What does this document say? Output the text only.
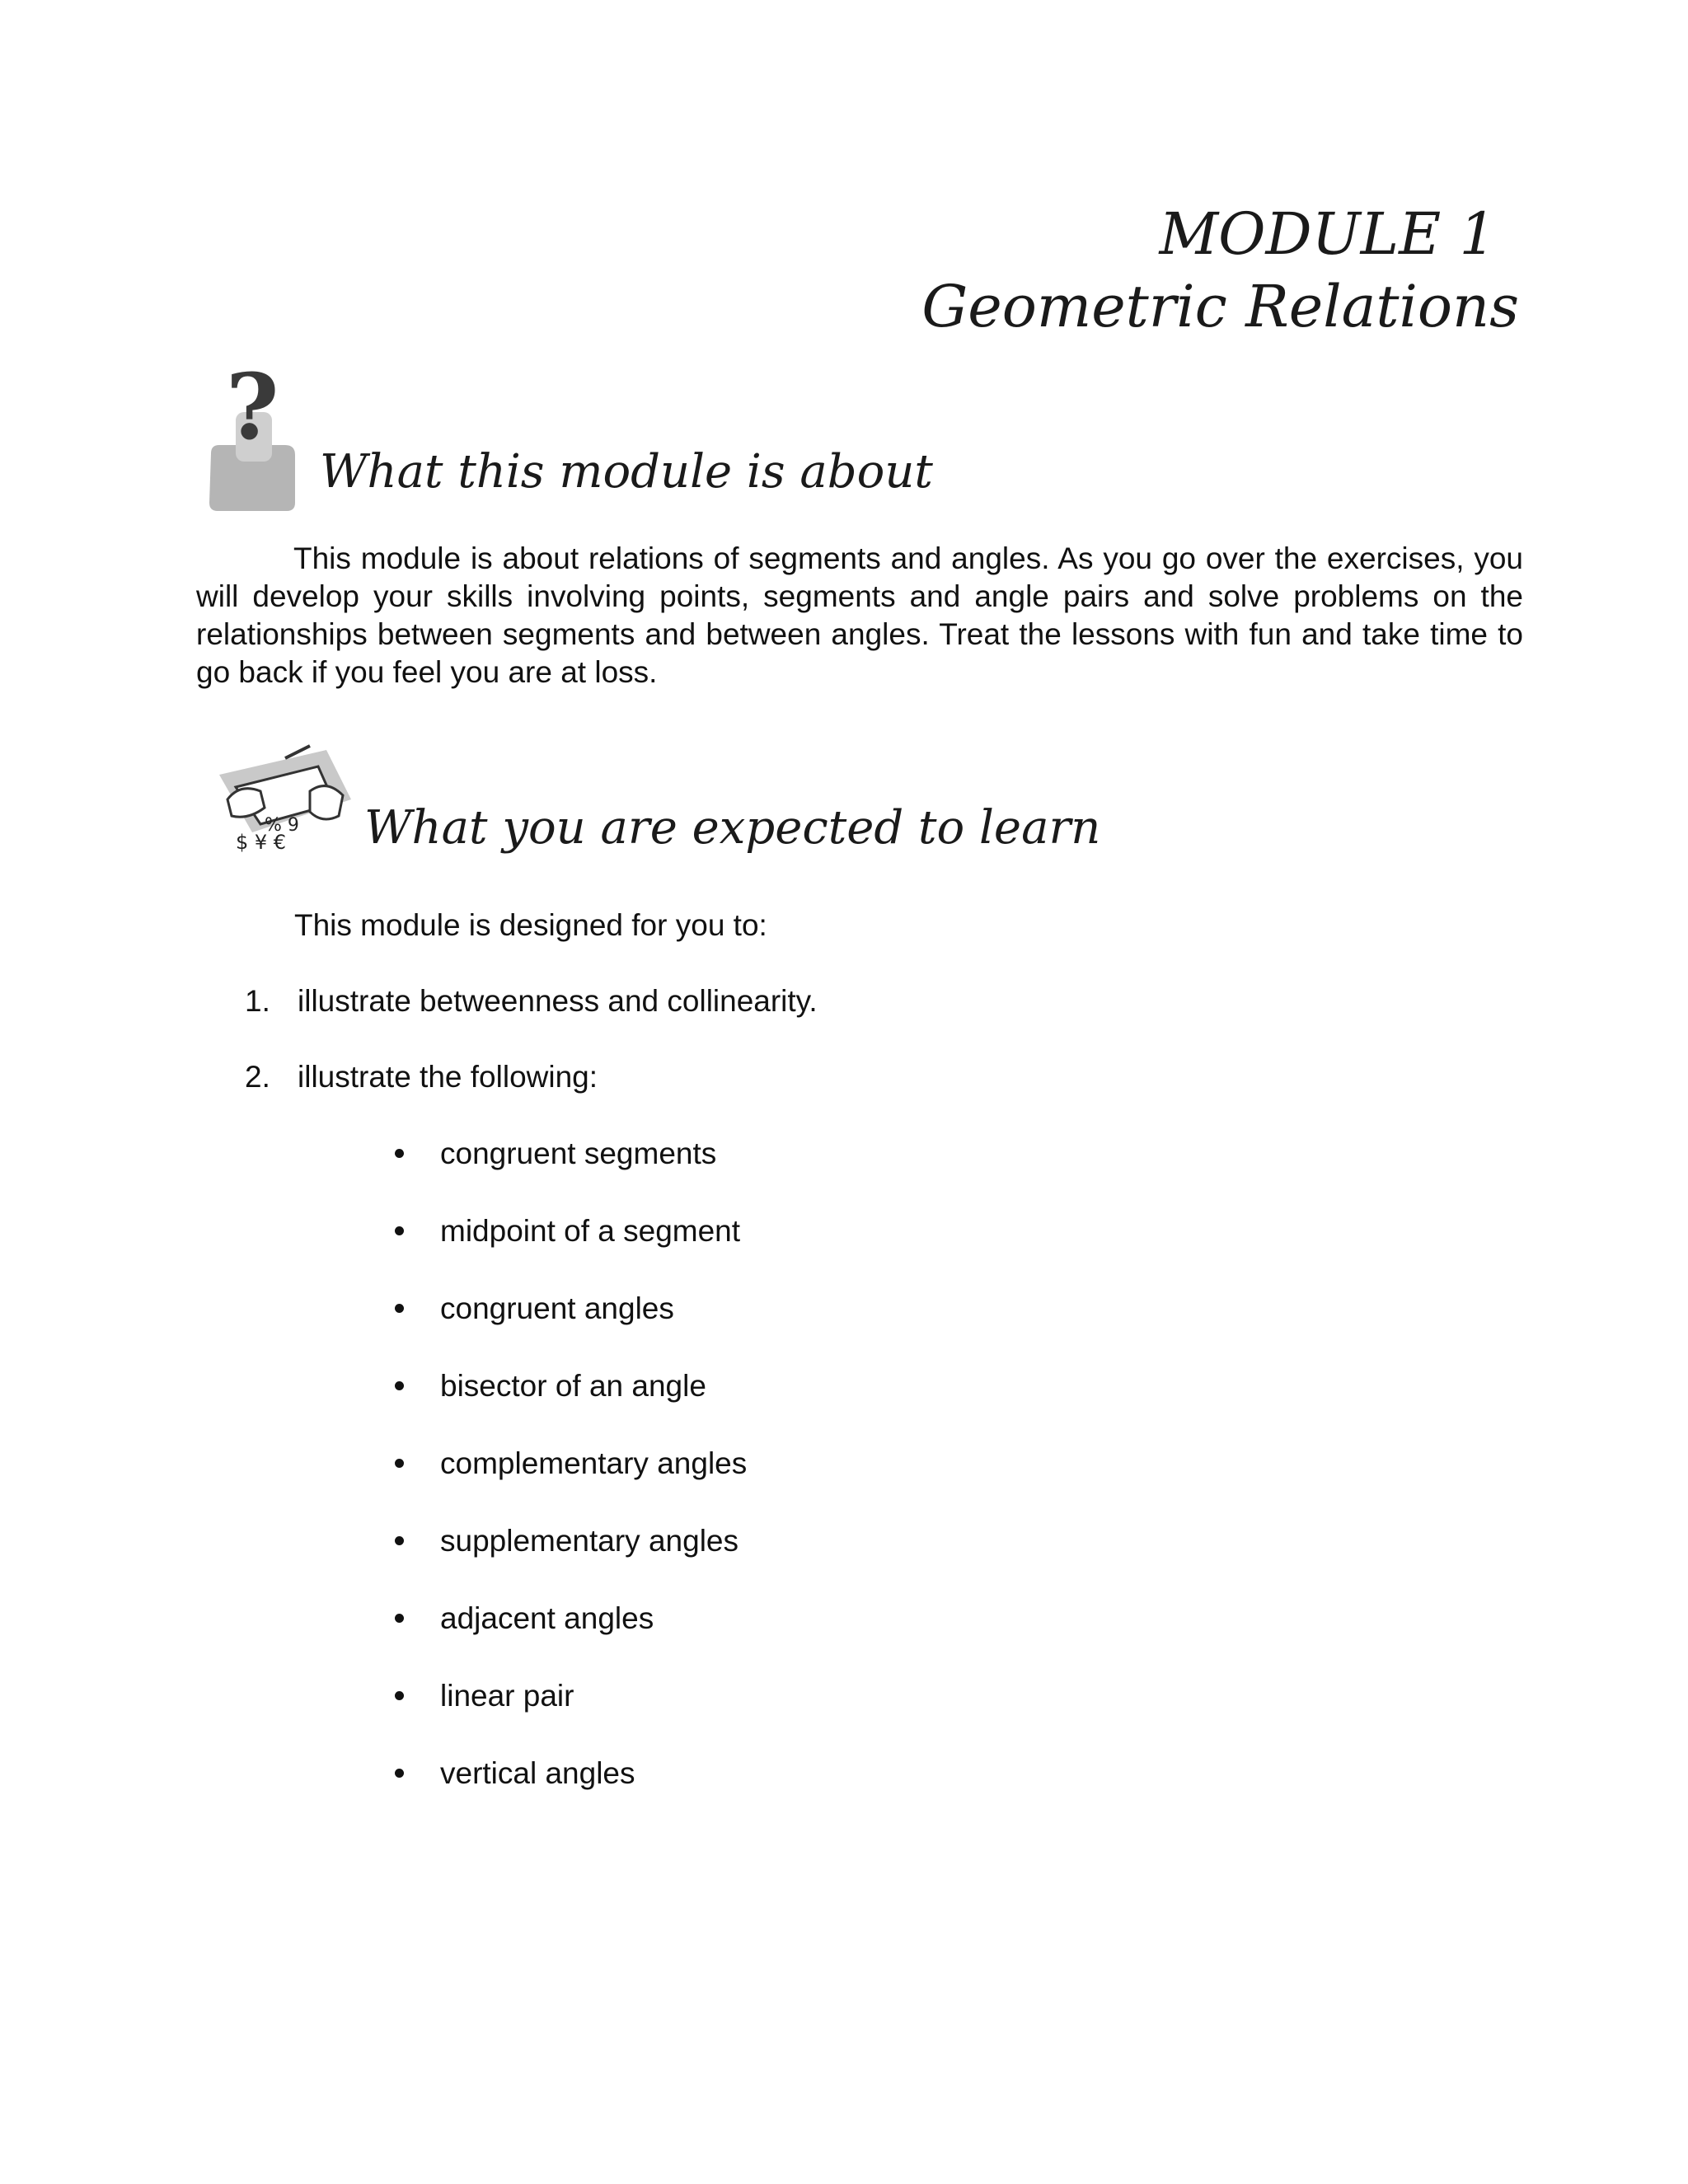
MODULE 1
Geometric Relations
?
What this module is about
This module is about relations of segments and angles. As you go over the exercises, you will develop your skills involving points, segments and angle pairs and solve problems on the relationships between segments and between angles. Treat the lessons with fun and take time to go back if you feel you are at loss.
$ ¥ €
% 9 What you are expected to learn
This module is designed for you to:
1. illustrate betweenness and collinearity.
2. illustrate the following:
congruent segments
midpoint of a segment
congruent angles
bisector of an angle
complementary angles
supplementary angles
adjacent angles
linear pair
vertical angles
